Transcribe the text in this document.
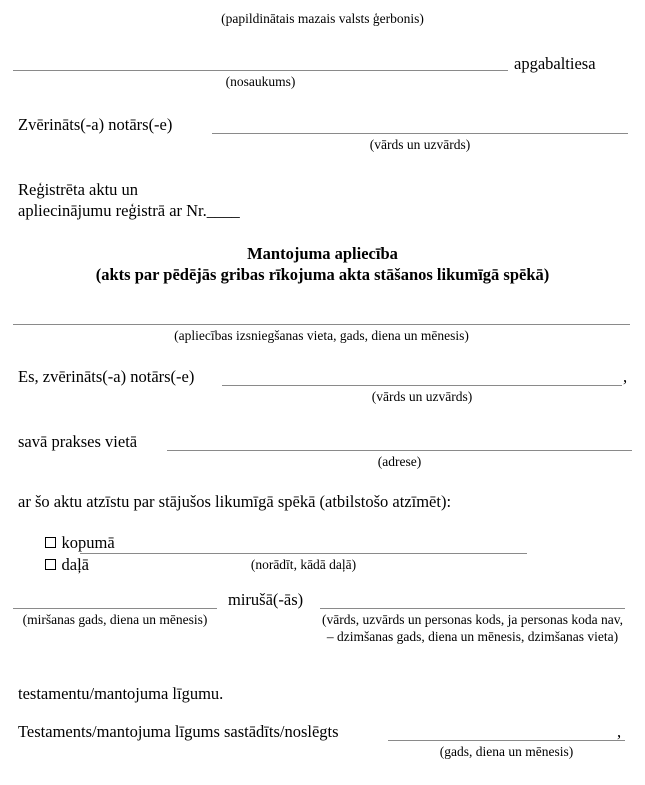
(papildinātais mazais valsts ģerbonis)
apgabaltiesa
(nosaukums)
Zvērināts(-a) notārs(-e)
(vārds un uzvārds)
Reģistrēta aktu un
apliecinājumu reģistrā ar Nr.____
Mantojuma apliecība
(akts par pēdējās gribas rīkojuma akta stāšanos likumīgā spēkā)
(apliecības izsniegšanas vieta, gads, diena un mēnesis)
Es, zvērināts(-a) notārs(-e)	,
(vārds un uzvārds)
savā prakses vietā
(adrese)
ar šo aktu atzīstu par stājušos likumīgā spēkā (atbilstošo atzīmēt):

kopumā

daļā
	(norādīt, kādā daļā)
mirušā(-ās)
(miršanas gads, diena un mēnesis)	(vārds, uzvārds un personas kods, ja personas koda nav, – dzimšanas gads, diena un mēnesis, dzimšanas vieta)
testamentu/mantojuma līgumu.
Testaments/mantojuma līgums sastādīts/noslēgts	,
(gads, diena un mēnesis)
